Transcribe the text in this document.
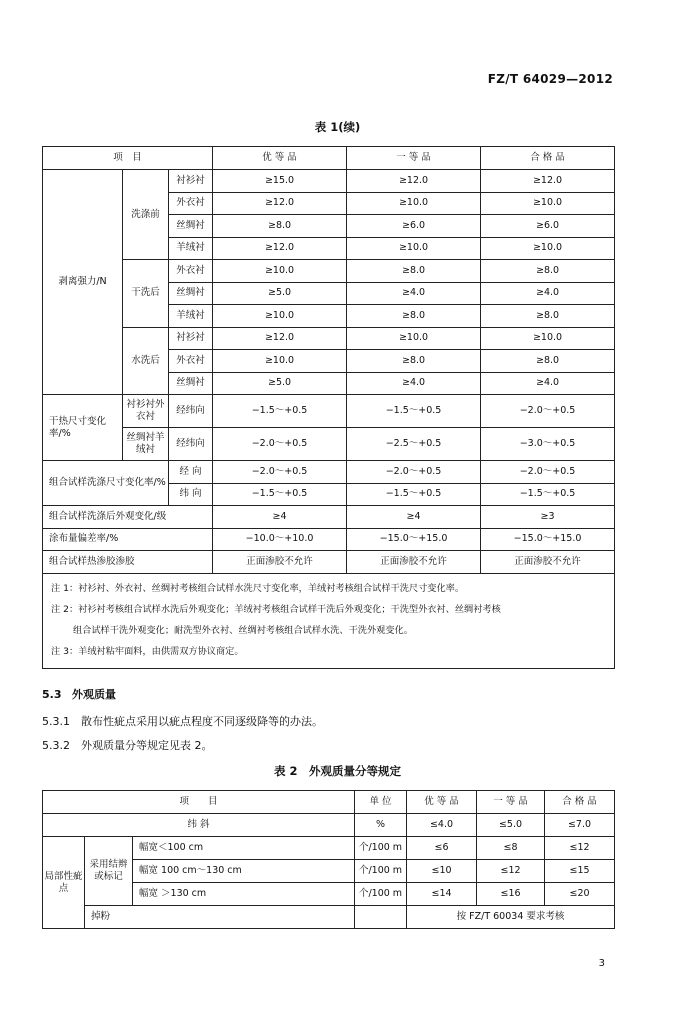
FZ/T 64029—2012
表 1(续)
项　目			优 等 品	一 等 品	合 格 品
剥离强力/N	洗涤前	衬衫衬	≥15.0	≥12.0	≥12.0
		外衣衬	≥12.0	≥10.0	≥10.0
		丝绸衬	≥8.0	≥6.0	≥6.0
		羊绒衬	≥12.0	≥10.0	≥10.0
	干洗后	外衣衬	≥10.0	≥8.0	≥8.0
		丝绸衬	≥5.0	≥4.0	≥4.0
		羊绒衬	≥10.0	≥8.0	≥8.0
	水洗后	衬衫衬	≥12.0	≥10.0	≥10.0
		外衣衬	≥10.0	≥8.0	≥8.0
		丝绸衬	≥5.0	≥4.0	≥4.0
干热尺寸变化率/%	衬衫衬外衣衬	经纬向	−1.5～+0.5	−1.5～+0.5	−2.0～+0.5
	丝绸衬羊绒衬	经纬向	−2.0～+0.5	−2.5～+0.5	−3.0～+0.5
组合试样洗涤尺寸变化率/%		经 向	−2.0～+0.5	−2.0～+0.5	−2.0～+0.5
		纬 向	−1.5～+0.5	−1.5～+0.5	−1.5～+0.5
组合试样洗涤后外观变化/级			≥4	≥4	≥3
涂布量偏差率/%			−10.0～+10.0	−15.0～+15.0	−15.0～+15.0
组合试样热渗胶渗胶			正面渗胶不允许	正面渗胶不允许	正面渗胶不允许

注 1：衬衫衬、外衣衬、丝绸衬考核组合试样水洗尺寸变化率，羊绒衬考核组合试样干洗尺寸变化率。
注 2：衬衫衬考核组合试样水洗后外观变化；羊绒衬考核组合试样干洗后外观变化；干洗型外衣衬、丝绸衬考核
组合试样干洗外观变化；耐洗型外衣衬、丝绸衬考核组合试样水洗、干洗外观变化。
注 3：羊绒衬粘牢面料，由供需双方协议商定。					
5.3 外观质量
5.3.1　散布性疵点采用以疵点程度不同逐级降等的办法。
5.3.2　外观质量分等规定见表 2。
表 2　外观质量分等规定
项　　目			单 位	优 等 品	一 等 品	合 格 品
纬 斜			%	≤4.0	≤5.0	≤7.0
局部性疵点	采用结辫或标记	幅宽＜100 cm	个/100 m	≤6	≤8	≤12
		幅宽 100 cm～130 cm	个/100 m	≤10	≤12	≤15
		幅宽 ＞130 cm	个/100 m	≤14	≤16	≤20
	掉粉			按 FZ/T 60034 要求考核		
3
